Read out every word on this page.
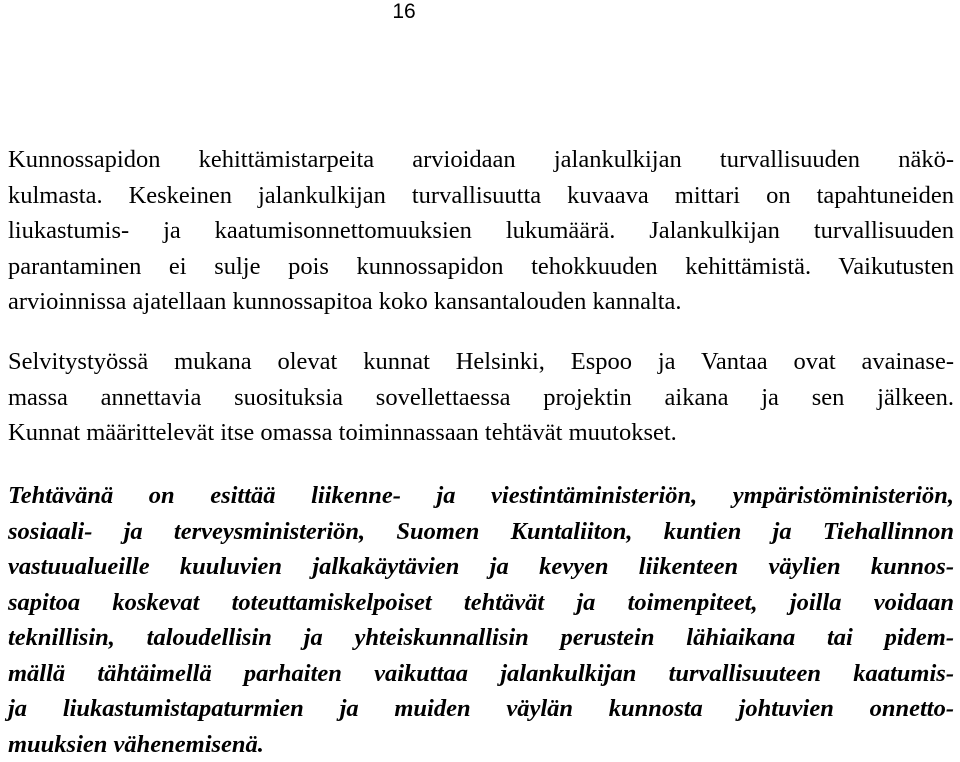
16
Kunnossapidon kehittämistarpeita arvioidaan jalankulkijan turvallisuuden näkö-
kulmasta. Keskeinen jalankulkijan turvallisuutta kuvaava mittari on tapahtuneiden
liukastumis- ja kaatumisonnettomuuksien lukumäärä. Jalankulkijan turvallisuuden
parantaminen ei sulje pois kunnossapidon tehokkuuden kehittämistä. Vaikutusten
arvioinnissa ajatellaan kunnossapitoa koko kansantalouden kannalta.
Selvitystyössä mukana olevat kunnat Helsinki, Espoo ja Vantaa ovat avainase-
massa annettavia suosituksia sovellettaessa projektin aikana ja sen jälkeen.
Kunnat määrittelevät itse omassa toiminnassaan tehtävät muutokset.
Tehtävänä on esittää liikenne- ja viestintäministeriön, ympäristöministeriön,
sosiaali- ja terveysministeriön, Suomen Kuntaliiton, kuntien ja Tiehallinnon
vastuualueille kuuluvien jalkakäytävien ja kevyen liikenteen väylien kunnos-
sapitoa koskevat toteuttamiskelpoiset tehtävät ja toimenpiteet, joilla voidaan
teknillisin, taloudellisin ja yhteiskunnallisin perustein lähiaikana tai pidem-
mällä tähtäimellä parhaiten vaikuttaa jalankulkijan turvallisuuteen kaatumis-
ja liukastumistapaturmien ja muiden väylän kunnosta johtuvien onnetto-
muuksien vähenemisenä.
